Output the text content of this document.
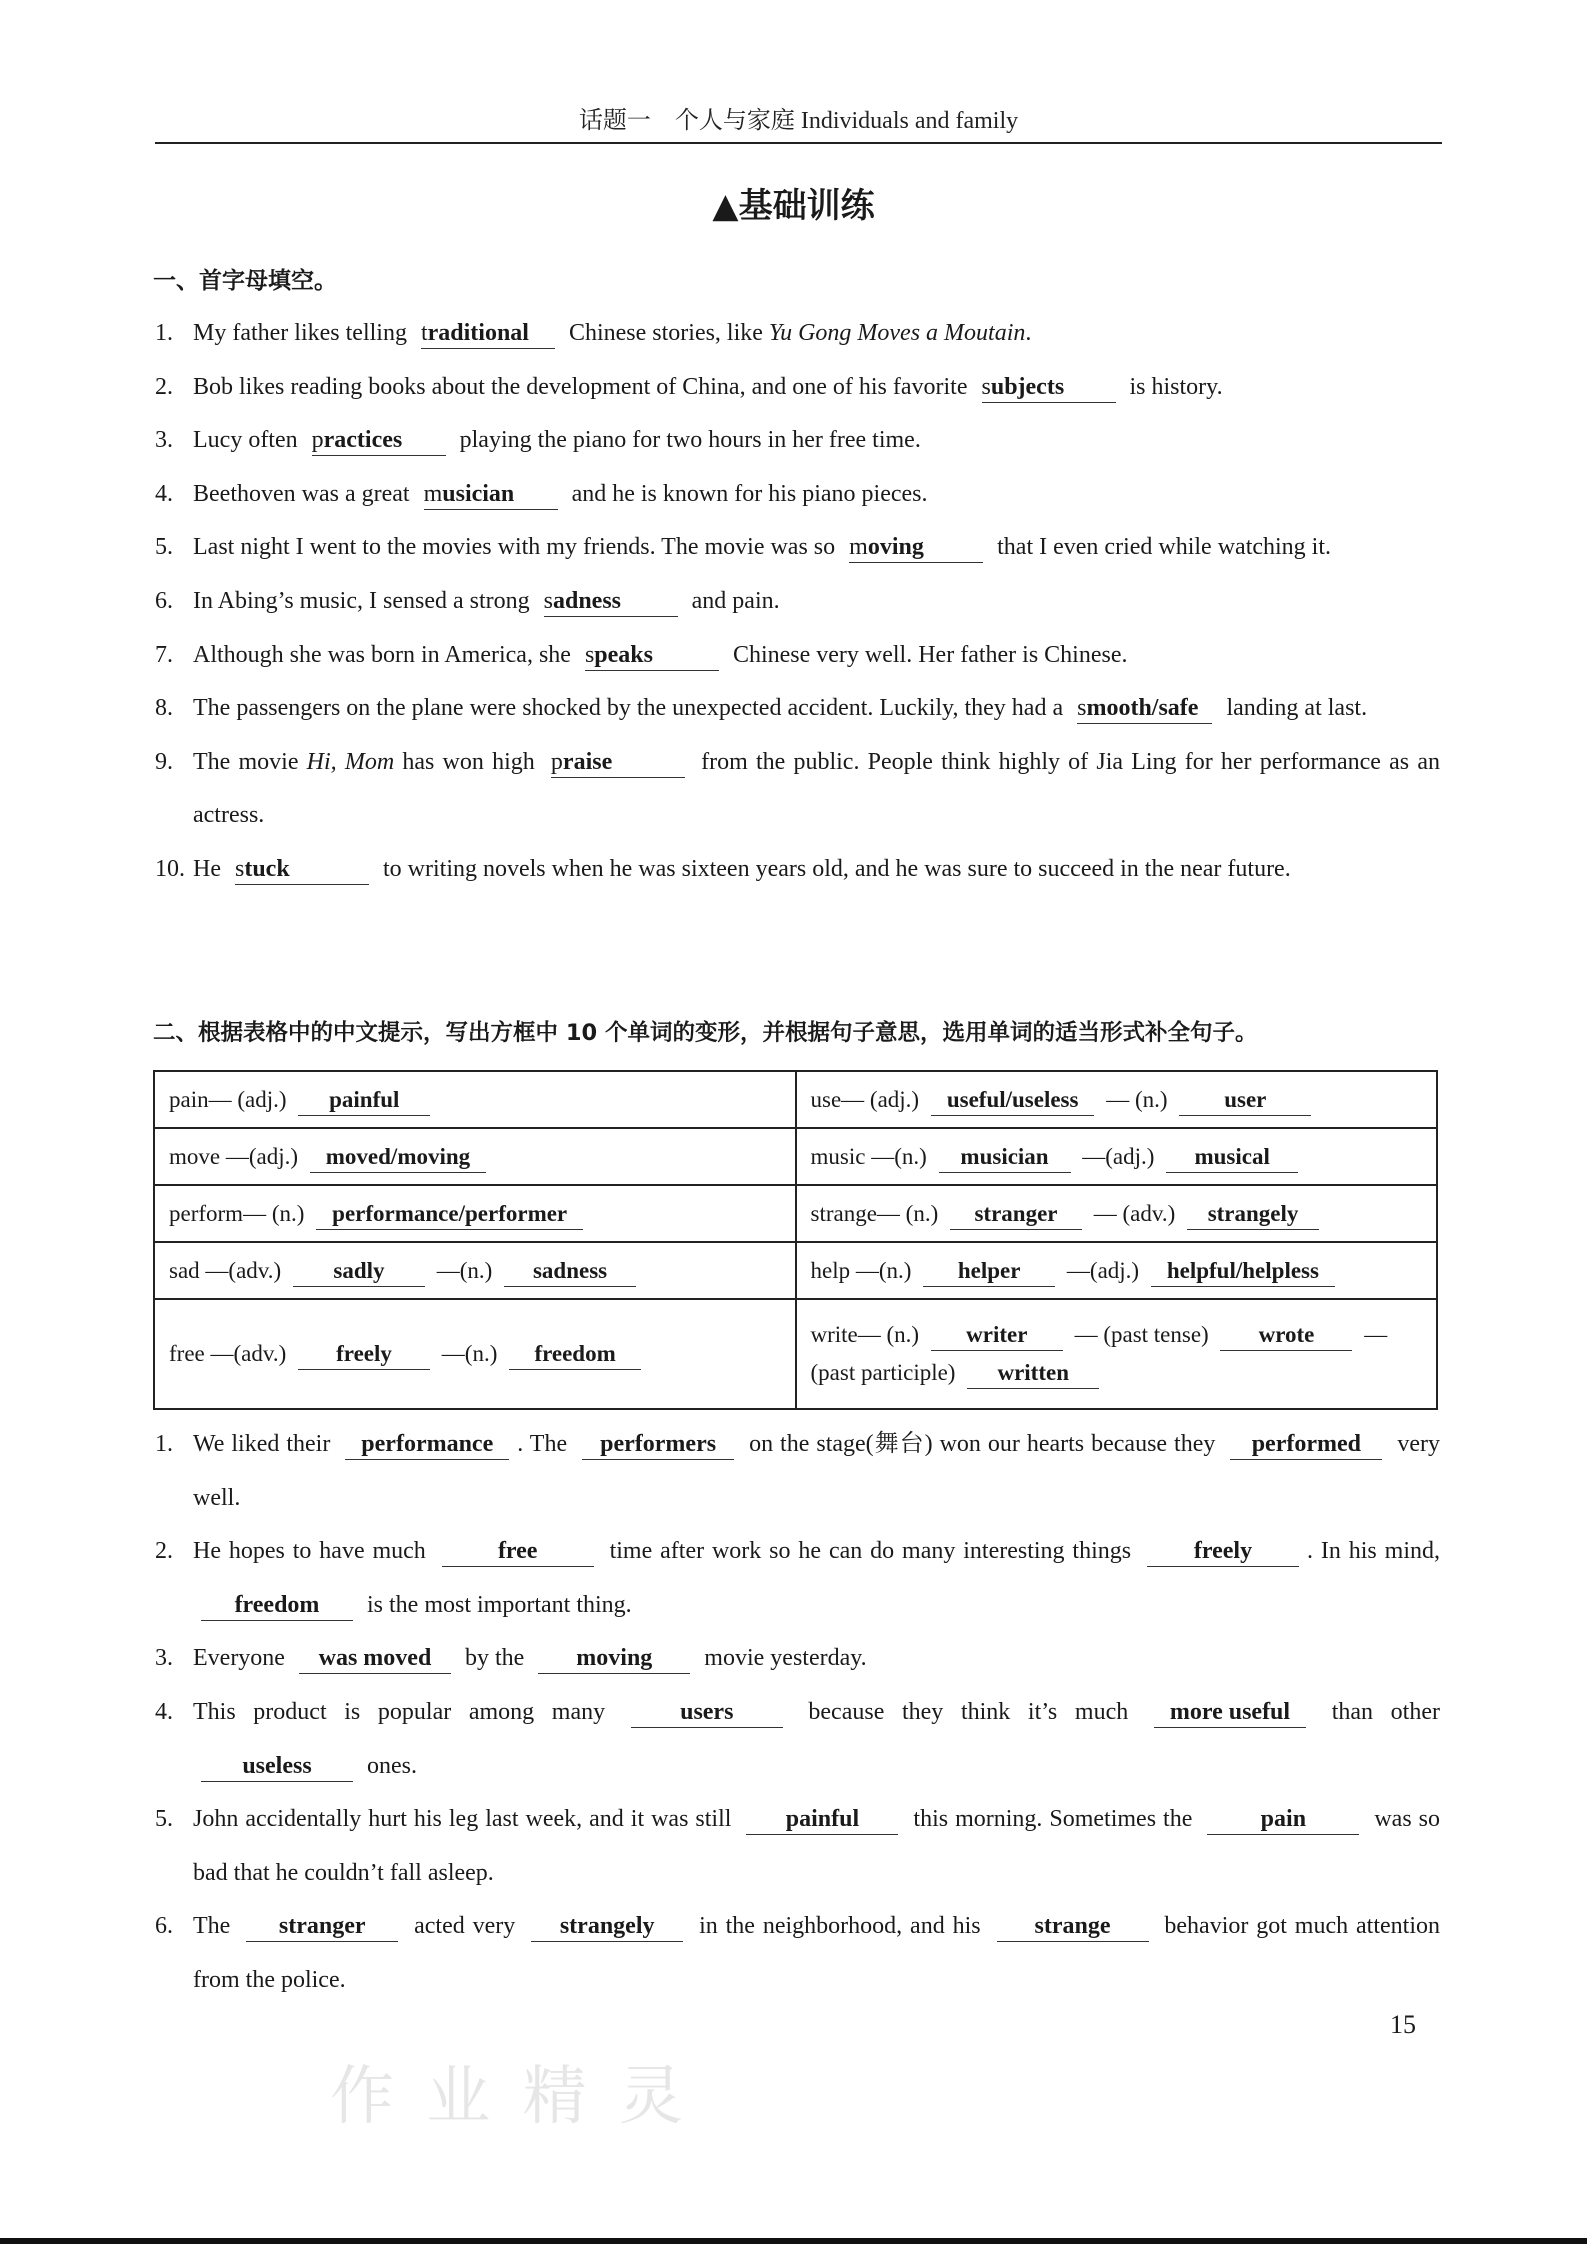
话题一　个人与家庭 Individuals and family
▲基础训练
一、首字母填空。
1. My father likes telling traditional Chinese stories, like Yu Gong Moves a Moutain.
2. Bob likes reading books about the development of China, and one of his favorite subjects is history.
3. Lucy often practices playing the piano for two hours in her free time.
4. Beethoven was a great musician and he is known for his piano pieces.
5. Last night I went to the movies with my friends. The movie was so moving	that I even cried while watching it.
6. In Abing’s music, I sensed a strong sadness	and pain.
7. Although she was born in America, she speaks	Chinese very well. Her father is Chinese.
8. The passengers on the plane were shocked by the unexpected accident. Luckily, they had a smooth/safe landing at last.
9. The movie Hi, Mom has won high praise	from the public. People think highly of Jia Ling for her performance as an actress.
10. He stuck	to writing novels when he was sixteen years old, and he was sure to succeed in the near future.
二、根据表格中的中文提示，写出方框中 10 个单词的变形，并根据句子意思，选用单词的适当形式补全句子。
pain— (adj.) painful	use— (adj.) useful/useless — (n.) user
move —(adj.) moved/moving	music —(n.) musician —(adj.) musical
perform— (n.) performance/performer	strange— (n.) stranger — (adv.) strangely
sad —(adv.) sadly —(n.) sadness	help —(n.) helper —(adj.) helpful/helpless
free —(adv.) freely —(n.) freedom	write— (n.) writer — (past tense) wrote — (past participle) written
1. We liked their performance . The performers on the stage(舞台) won our hearts because they performed very well.
2. He hopes to have much	free	time after work so he can do many interesting things freely . In his mind, freedom is the most important thing.
3. Everyone was moved by the moving movie yesterday.
4. This product is popular among many users because they think it’s much more useful than other useless ones.
5. John accidentally hurt his leg last week, and it was still painful this morning. Sometimes the	pain	was so bad that he couldn’t fall asleep.
6. The stranger acted very strangely in the neighborhood, and his strange behavior got much attention from the police.
15
作 业 精 灵
